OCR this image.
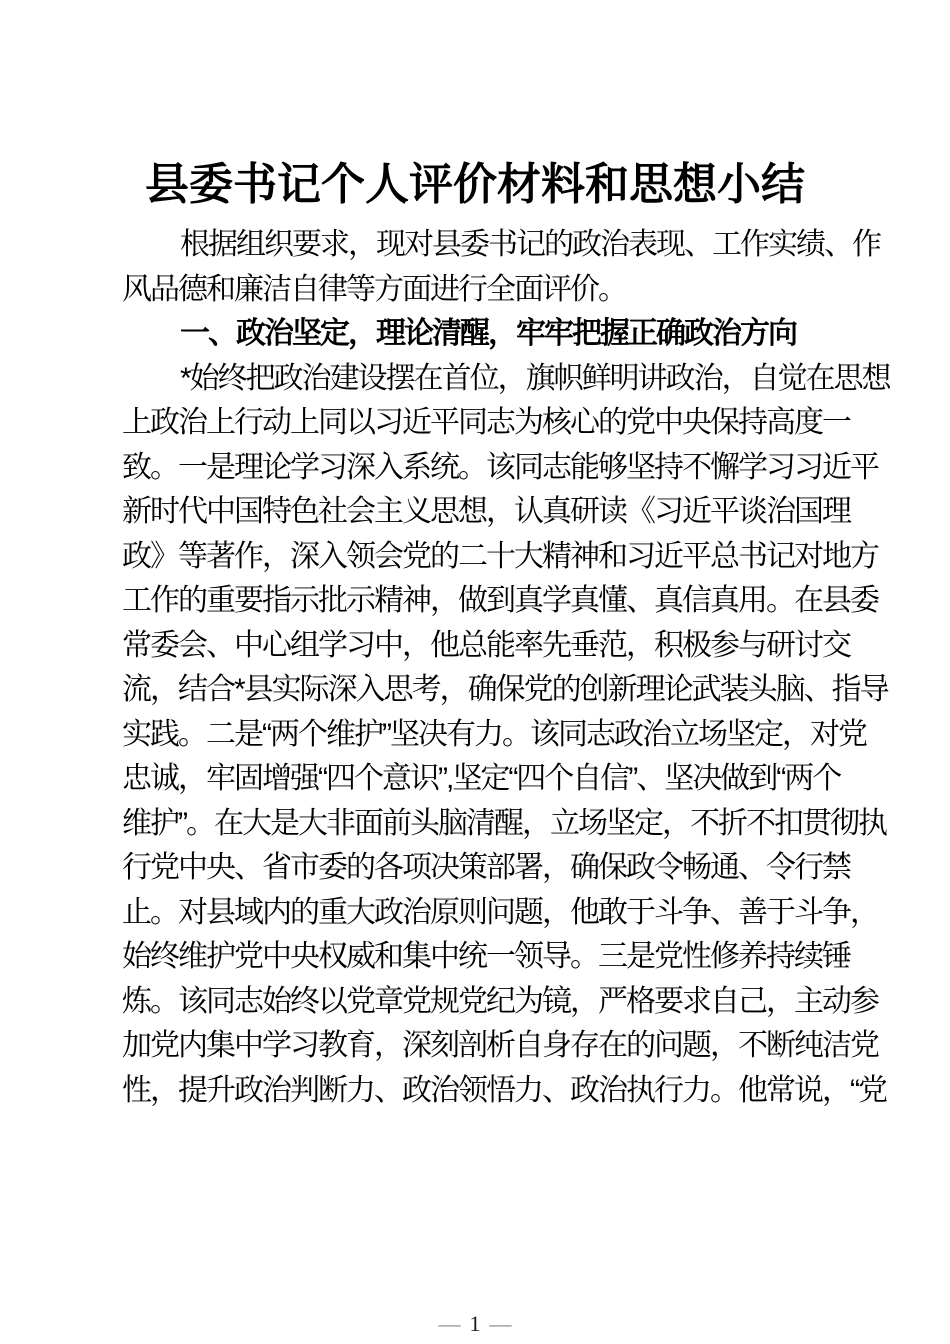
县委书记个人评价材料和思想小结
根据组织要求，现对县委书记的政治表现、工作实绩、作
风品德和廉洁自律等方面进行全面评价。
一、政治坚定，理论清醒，牢牢把握正确政治方向
*始终把政治建设摆在首位，旗帜鲜明讲政治，自觉在思想
上政治上行动上同以习近平同志为核心的党中央保持高度一
致。一是理论学习深入系统。该同志能够坚持不懈学习习近平
新时代中国特色社会主义思想，认真研读《习近平谈治国理
政》等著作，深入领会党的二十大精神和习近平总书记对地方
工作的重要指示批示精神，做到真学真懂、真信真用。在县委
常委会、中心组学习中，他总能率先垂范，积极参与研讨交
流，结合*县实际深入思考，确保党的创新理论武装头脑、指导
实践。二是“两个维护”坚决有力。该同志政治立场坚定，对党
忠诚，牢固增强“四个意识”,坚定“四个自信”、坚决做到“两个
维护”。在大是大非面前头脑清醒，立场坚定，不折不扣贯彻执
行党中央、省市委的各项决策部署，确保政令畅通、令行禁
止。对县域内的重大政治原则问题，他敢于斗争、善于斗争，
始终维护党中央权威和集中统一领导。三是党性修养持续锤
炼。该同志始终以党章党规党纪为镜，严格要求自己，主动参
加党内集中学习教育，深刻剖析自身存在的问题，不断纯洁党
性，提升政治判断力、政治领悟力、政治执行力。他常说，“党
— 1 —
